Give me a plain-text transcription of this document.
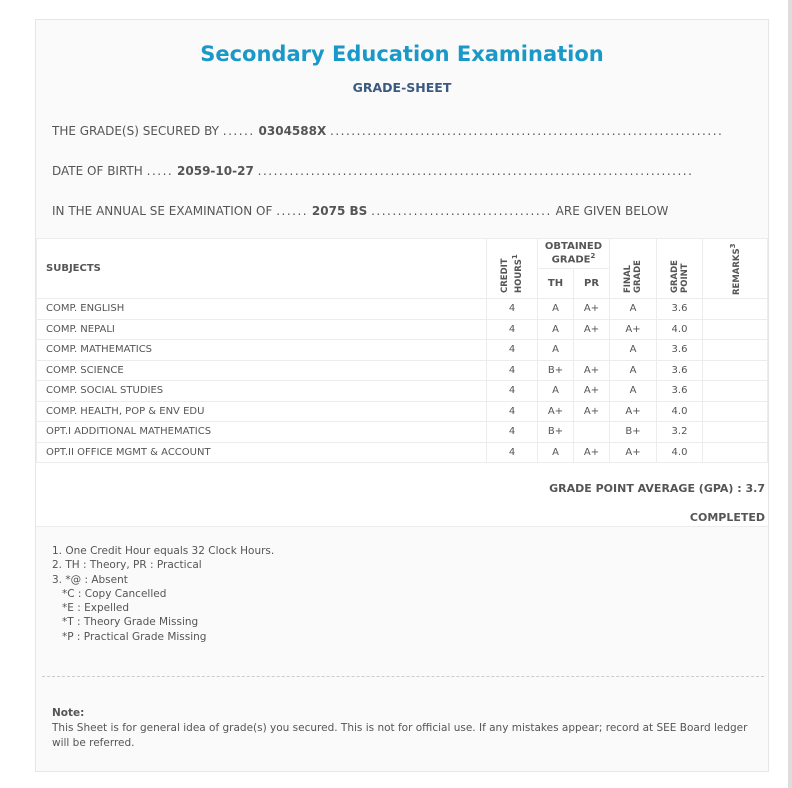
Secondary Education Examination
GRADE-SHEET
THE GRADE(S) SECURED BY ...... 0304588X ..........................................................................
DATE OF BIRTH ..... 2059-10-27 ..................................................................................
IN THE ANNUAL SE EXAMINATION OF ...... 2075 BS .................................. ARE GIVEN BELOW
SUBJECTS	CREDIT HOURS$^1$	OBTAINED GRADE$^2$		FINAL GRADE	GRADE POINT	REMARKS$^3$
		TH	PR			
COMP. ENGLISH	4	A	A+	A	3.6	
COMP. NEPALI	4	A	A+	A+	4.0	
COMP. MATHEMATICS	4	A		A	3.6	
COMP. SCIENCE	4	B+	A+	A	3.6	
COMP. SOCIAL STUDIES	4	A	A+	A	3.6	
COMP. HEALTH, POP & ENV EDU	4	A+	A+	A+	4.0	
OPT.I ADDITIONAL MATHEMATICS	4	B+		B+	3.2	
OPT.II OFFICE MGMT & ACCOUNT	4	A	A+	A+	4.0	
GRADE POINT AVERAGE (GPA) : 3.7
COMPLETED
1. One Credit Hour equals 32 Clock Hours.
2. TH : Theory, PR : Practical
3. *@ : Absent
*C : Copy Cancelled
*E : Expelled
*T : Theory Grade Missing
*P : Practical Grade Missing
Note:
This Sheet is for general idea of grade(s) you secured. This is not for official use. If any mistakes appear; record at SEE Board ledger will be referred.
